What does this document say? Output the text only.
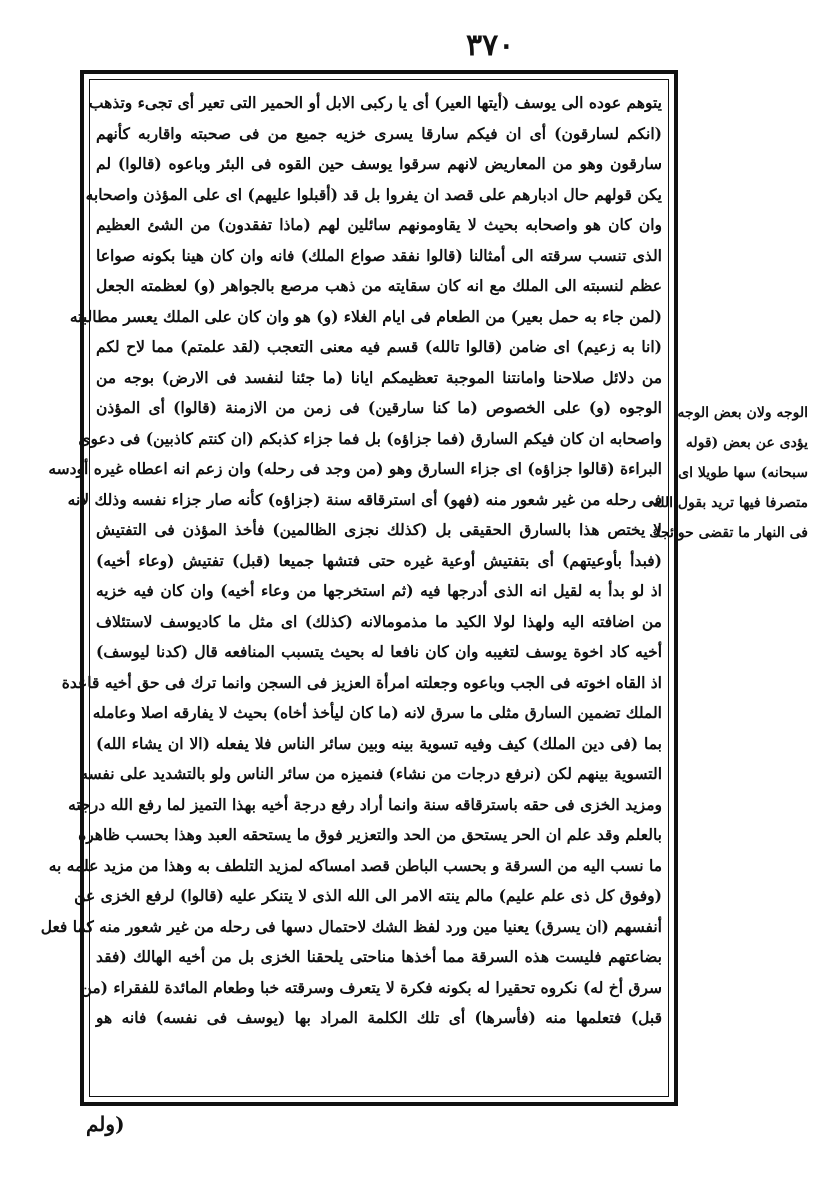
۳۷۰
يتوهم عوده الى يوسف (أيتها العير) أى يا ركبى الابل أو الحمير التى تعير أى تجىء وتذهب
(انكم لسارقون) أى ان فيكم سارقا يسرى خزيه جميع من فى صحبته واقاربه كأنهم
سارقون وهو من المعاريض لانهم سرقوا يوسف حين القوه فى البئر وباعوه (قالوا) لم
يكن قولهم حال ادبارهم على قصد ان يفروا بل قد (أقبلوا عليهم) اى على المؤذن واصحابه
وان كان هو واصحابه بحيث لا يقاومونهم سائلين لهم (ماذا تفقدون) من الشئ العظيم
الذى تنسب سرقته الى أمثالنا (قالوا نفقد صواع الملك) فانه وان كان هينا بكونه صواعا
عظم لنسبته الى الملك مع انه كان سقايته من ذهب مرصع بالجواهر (و) لعظمته الجعل
(لمن جاء به حمل بعير) من الطعام فى ايام الغلاء (و) هو وان كان على الملك يعسر مطالبته
(انا به زعيم) اى ضامن (قالوا تالله) قسم فيه معنى التعجب (لقد علمتم) مما لاح لكم
من دلائل صلاحنا وامانتنا الموجبة تعظيمكم ايانا (ما جئنا لنفسد فى الارض) بوجه من
الوجوه (و) على الخصوص (ما كنا سارقين) فى زمن من الازمنة (قالوا) أى المؤذن
واصحابه ان كان فيكم السارق (فما جزاؤه) بل فما جزاء كذبكم (ان كنتم كاذبين) فى دعوى
البراءة (قالوا جزاؤه) اى جزاء السارق وهو (من وجد فى رحله) وان زعم انه اعطاه غيره أودسه
فى رحله من غير شعور منه (فهو) أى استرقاقه سنة (جزاؤه) كأنه صار جزاء نفسه وذلك لانه
لا يختص هذا بالسارق الحقيقى بل (كذلك نجزى الظالمين) فأخذ المؤذن فى التفتيش
(فبدأ بأوعيتهم) أى بتفتيش أوعية غيره حتى فتشها جميعا (قبل) تفتيش (وعاء أخيه)
اذ لو بدأ به لقيل انه الذى أدرجها فيه (ثم استخرجها من وعاء أخيه) وان كان فيه خزيه
من اضافته اليه ولهذا لولا الكيد ما مذمومالانه (كذلك) اى مثل ما كاديوسف لاستئلاف
أخيه كاد اخوة يوسف لتغيبه وان كان نافعا له بحيث يتسبب المنافعه قال (كدنا ليوسف)
اذ القاه اخوته فى الجب وباعوه وجعلته امرأة العزيز فى السجن وانما ترك فى حق أخيه قاعدة
الملك تضمين السارق مثلى ما سرق لانه (ما كان ليأخذ أخاه) بحيث لا يفارقه اصلا وعامله
بما (فى دين الملك) كيف وفيه تسوية بينه وبين سائر الناس فلا يفعله (الا ان يشاء الله)
التسوية بينهم لكن (نرفع درجات من نشاء) فنميزه من سائر الناس ولو بالتشديد على نفسه
ومزيد الخزى فى حقه باسترقاقه سنة وانما أراد رفع درجة أخيه بهذا التميز لما رفع الله درجته
بالعلم وقد علم ان الحر يستحق من الحد والتعزير فوق ما يستحقه العبد وهذا بحسب ظاهره
ما نسب اليه من السرقة و بحسب الباطن قصد امساكه لمزيد التلطف به وهذا من مزيد علمه به
(وفوق كل ذى علم عليم) مالم ينته الامر الى الله الذى لا يتنكر عليه (قالوا) لرفع الخزى عن
أنفسهم (ان يسرق) يعنيا مين ورد لفظ الشك لاحتمال دسها فى رحله من غير شعور منه كما فعل
بضاعتهم فليست هذه السرقة مما أخذها مناحتى يلحقنا الخزى بل من أخيه الهالك (فقد
سرق أخ له) نكروه تحقيرا له بكونه فكرة لا يتعرف وسرقته خبا وطعام المائدة للفقراء (من
قبل) فتعلمها منه (فأسرها) أى تلك الكلمة المراد بها (يوسف فى نفسه) فانه هو
الوجه ولان بعض الوجه
يؤدى عن بعض (قوله
سبحانه) سها طويلا اى
متصرفا فيها تريد بقول الله
فى النهار ما تقضى حوائجك
(ولم
